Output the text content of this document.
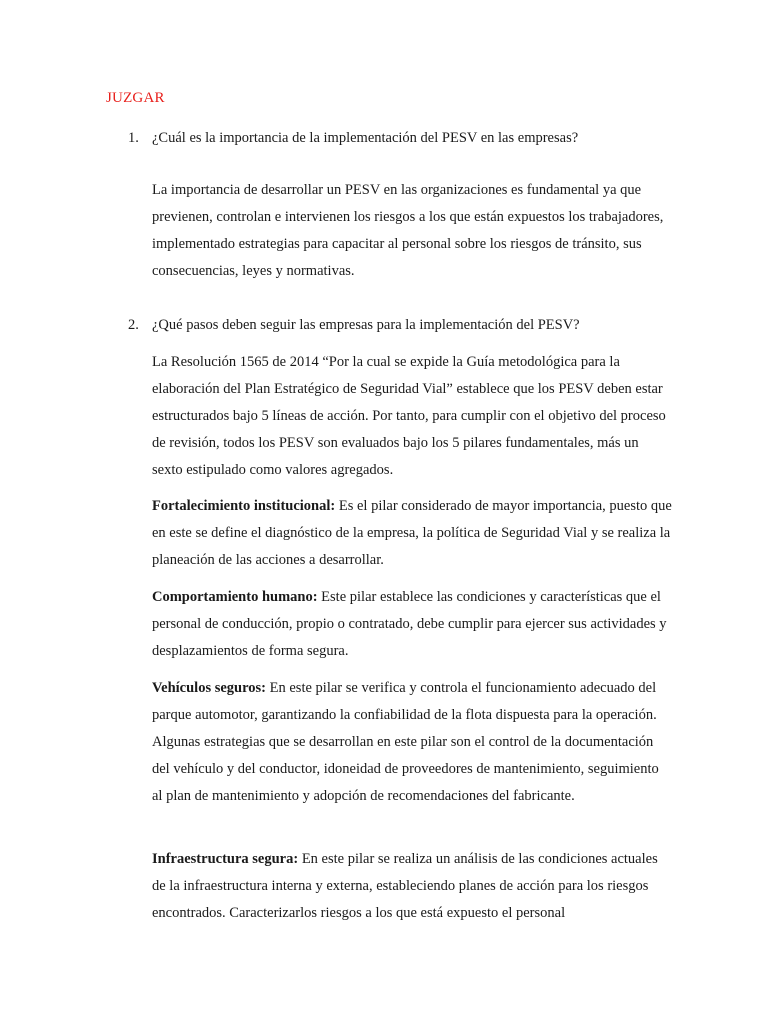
JUZGAR
1. ¿Cuál es la importancia de la implementación del PESV en las empresas?
La importancia de desarrollar un PESV en las organizaciones es fundamental ya que previenen, controlan e intervienen los riesgos a los que están expuestos los trabajadores, implementado estrategias para capacitar al personal sobre los riesgos de tránsito, sus consecuencias, leyes y normativas.
2. ¿Qué pasos deben seguir las empresas para la implementación del PESV?
La Resolución 1565 de 2014 “Por la cual se expide la Guía metodológica para la elaboración del Plan Estratégico de Seguridad Vial” establece que los PESV deben estar estructurados bajo 5 líneas de acción. Por tanto, para cumplir con el objetivo del proceso de revisión, todos los PESV son evaluados bajo los 5 pilares fundamentales, más un sexto estipulado como valores agregados.
Fortalecimiento institucional: Es el pilar considerado de mayor importancia, puesto que en este se define el diagnóstico de la empresa, la política de Seguridad Vial y se realiza la planeación de las acciones a desarrollar.
Comportamiento humano: Este pilar establece las condiciones y características que el personal de conducción, propio o contratado, debe cumplir para ejercer sus actividades y desplazamientos de forma segura.
Vehículos seguros: En este pilar se verifica y controla el funcionamiento adecuado del parque automotor, garantizando la confiabilidad de la flota dispuesta para la operación. Algunas estrategias que se desarrollan en este pilar son el control de la documentación del vehículo y del conductor, idoneidad de proveedores de mantenimiento, seguimiento al plan de mantenimiento y adopción de recomendaciones del fabricante.
Infraestructura segura: En este pilar se realiza un análisis de las condiciones actuales de la infraestructura interna y externa, estableciendo planes de acción para los riesgos encontrados. Caracterizarlos riesgos a los que está expuesto el personal
